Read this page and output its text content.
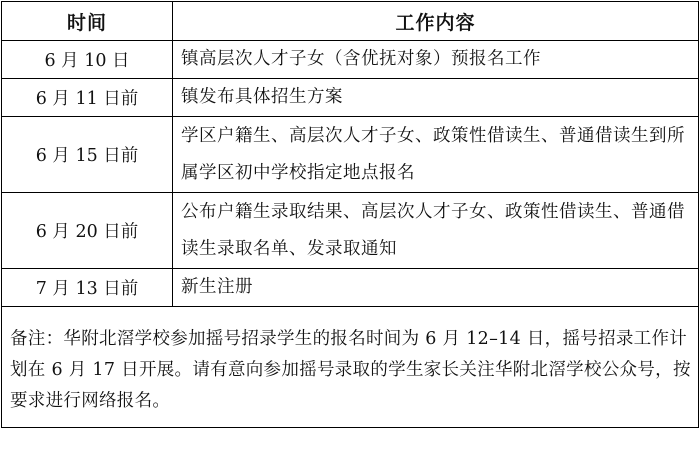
时间	工作内容
6 月 10 日	镇高层次人才子女（含优抚对象）预报名工作
6 月 11 日前	镇发布具体招生方案
6 月 15 日前	学区户籍生、高层次人才子女、政策性借读生、普通借读生到所属学区初中学校指定地点报名
6 月 20 日前	公布户籍生录取结果、高层次人才子女、政策性借读生、普通借读生录取名单、发录取通知
7 月 13 日前	新生注册
备注：华附北滘学校参加摇号招录学生的报名时间为 6 月 12–14 日，摇号招录工作计划在 6 月 17 日开展。请有意向参加摇号录取的学生家长关注华附北滘学校公众号，按要求进行网络报名。	
